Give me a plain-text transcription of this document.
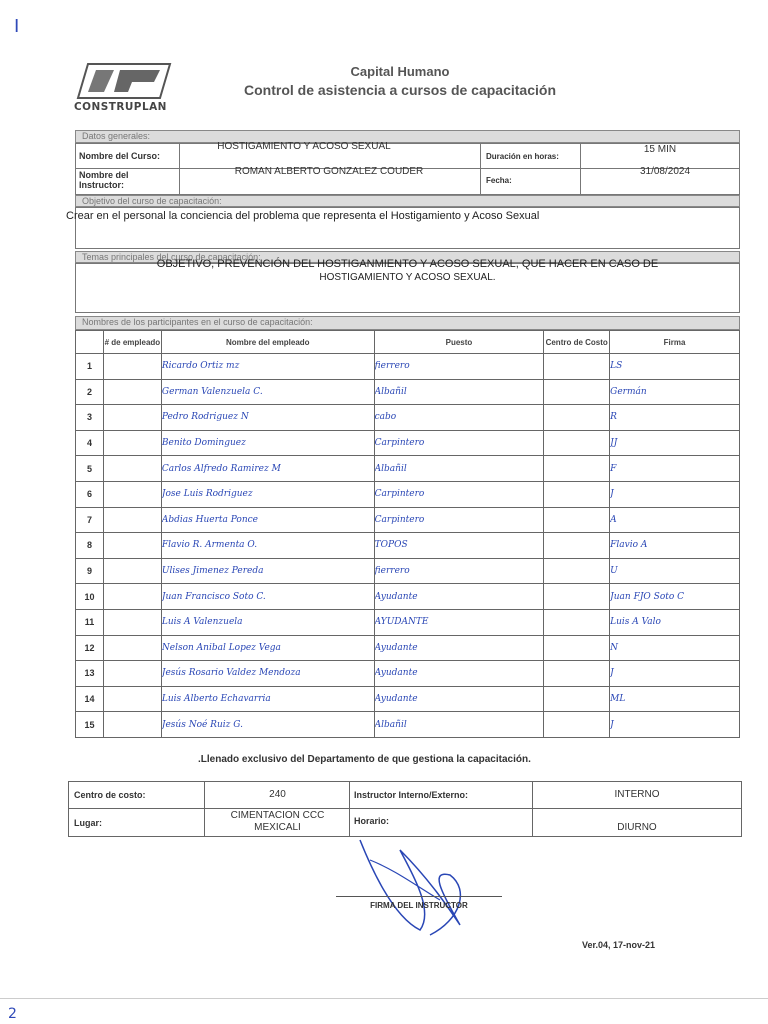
I
2
CONSTRUPLAN
Capital Humano
Control de asistencia a cursos de capacitación
Datos generales:
Nombre del Curso:
HOSTIGAMIENTO Y ACOSO SEXUAL
Nombre del Instructor:
ROMAN ALBERTO GONZALEZ COUDER
Duración en horas:
15 MIN
Fecha:
31/08/2024
Objetivo del curso de capacitación:
Crear en el personal la conciencia del problema que representa el Hostigamiento y Acoso Sexual
Temas principales del curso de capacitación:
OBJETIVO, PREVENCIÓN DEL HOSTIGANMIENTO Y ACOSO SEXUAL, QUE HACER EN CASO DE
HOSTIGAMIENTO Y ACOSO SEXUAL.
Nombres de los participantes en el curso de capacitación:
	# de empleado	Nombre del empleado	Puesto	Centro de Costo	Firma
1		Ricardo Ortiz mz	fierrero		LS
2		German Valenzuela C.	Albañil		Germán
3		Pedro Rodriguez N	cabo		R
4		Benito Dominguez	Carpintero		JJ
5		Carlos Alfredo Ramirez M	Albañil		F
6		Jose Luis Rodriguez	Carpintero		J
7		Abdias Huerta Ponce	Carpintero		A
8		Flavio R. Armenta O.	TOPOS		Flavio A
9		Ulises Jimenez Pereda	fierrero		U
10		Juan Francisco Soto C.	Ayudante		Juan FJO Soto C
11		Luis A Valenzuela	AYUDANTE		Luis A Valo
12		Nelson Anibal Lopez Vega	Ayudante		N
13		Jesús Rosario Valdez Mendoza	Ayudante		J
14		Luis Alberto Echavarria	Ayudante		ML
15		Jesús Noé Ruiz G.	Albañil		J
.Llenado exclusivo del Departamento de que gestiona la capacitación.
Centro de costo:	240	Instructor Interno/Externo:	INTERNO
Lugar:
CIMENTACION CCC
MEXICALI
Horario:
DIURNO
FIRMA DEL INSTRUCTOR
Ver.04, 17-nov-21
